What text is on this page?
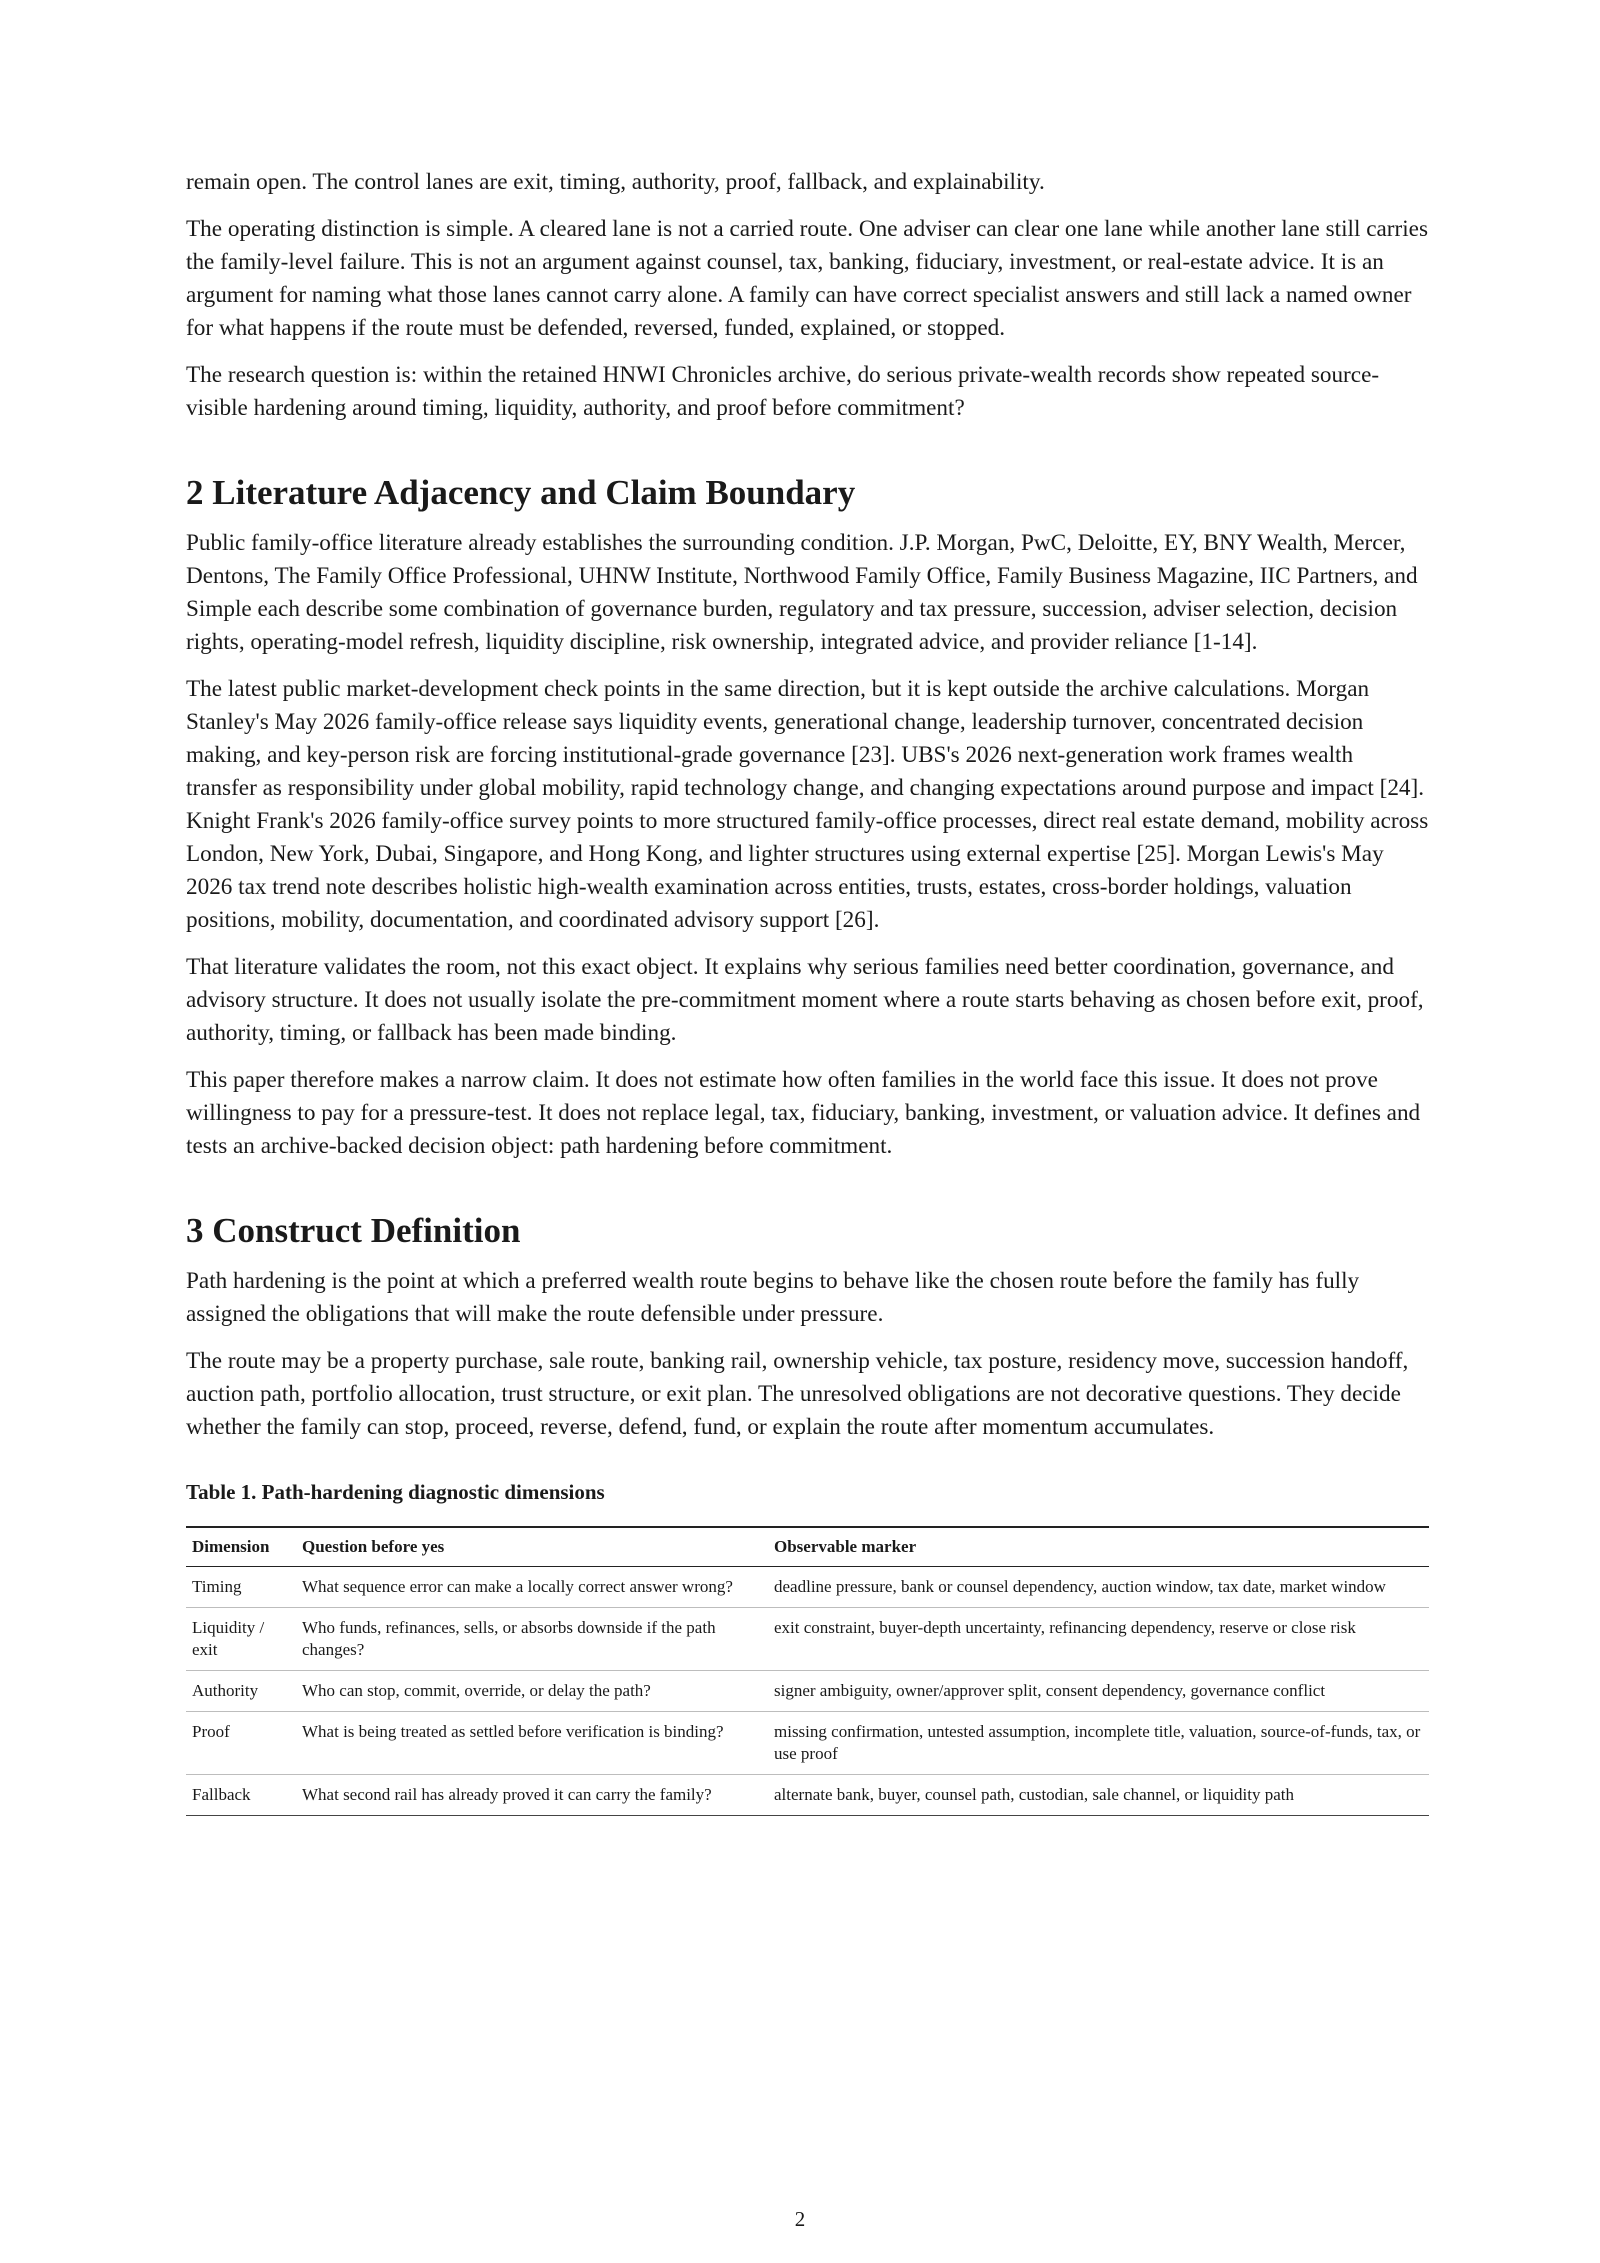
remain open. The control lanes are exit, timing, authority, proof, fallback, and explainability.

The operating distinction is simple. A cleared lane is not a carried route. One adviser can clear one lane while another lane still carries the family-level failure. This is not an argument against counsel, tax, banking, fiduciary, investment, or real-estate advice. It is an argument for naming what those lanes cannot carry alone. A family can have correct specialist answers and still lack a named owner for what happens if the route must be defended, reversed, funded, explained, or stopped.

The research question is: within the retained HNWI Chronicles archive, do serious private-wealth records show repeated source-visible hardening around timing, liquidity, authority, and proof before commitment?

2 Literature Adjacency and Claim Boundary

Public family-office literature already establishes the surrounding condition. J.P. Morgan, PwC, Deloitte, EY, BNY Wealth, Mercer, Dentons, The Family Office Professional, UHNW Institute, Northwood Family Office, Family Business Magazine, IIC Partners, and Simple each describe some combination of governance burden, regulatory and tax pressure, succession, adviser selection, decision rights, operating-model refresh, liquidity discipline, risk ownership, integrated advice, and provider reliance [1-14].

The latest public market-development check points in the same direction, but it is kept outside the archive calculations. Morgan Stanley's May 2026 family-office release says liquidity events, generational change, leadership turnover, concentrated decision making, and key-person risk are forcing institutional-grade governance [23]. UBS's 2026 next-generation work frames wealth transfer as responsibility under global mobility, rapid technology change, and changing expectations around purpose and impact [24]. Knight Frank's 2026 family-office survey points to more structured family-office processes, direct real estate demand, mobility across London, New York, Dubai, Singapore, and Hong Kong, and lighter structures using external expertise [25]. Morgan Lewis's May 2026 tax trend note describes holistic high-wealth examination across entities, trusts, estates, cross-border holdings, valuation positions, mobility, documentation, and coordinated advisory support [26].

That literature validates the room, not this exact object. It explains why serious families need better coordination, governance, and advisory structure. It does not usually isolate the pre-commitment moment where a route starts behaving as chosen before exit, proof, authority, timing, or fallback has been made binding.

This paper therefore makes a narrow claim. It does not estimate how often families in the world face this issue. It does not prove willingness to pay for a pressure-test. It does not replace legal, tax, fiduciary, banking, investment, or valuation advice. It defines and tests an archive-backed decision object: path hardening before commitment.

3 Construct Definition

Path hardening is the point at which a preferred wealth route begins to behave like the chosen route before the family has fully assigned the obligations that will make the route defensible under pressure.

The route may be a property purchase, sale route, banking rail, ownership vehicle, tax posture, residency move, succession handoff, auction path, portfolio allocation, trust structure, or exit plan. The unresolved obligations are not decorative questions. They decide whether the family can stop, proceed, reverse, defend, fund, or explain the route after momentum accumulates.

Table 1. Path-hardening diagnostic dimensions
Dimension	Question before yes	Observable marker
Timing	What sequence error can make a locally correct answer wrong?	deadline pressure, bank or counsel dependency, auction window, tax date, market window
Liquidity / exit	Who funds, refinances, sells, or absorbs downside if the path changes?	exit constraint, buyer-depth uncertainty, refinancing dependency, reserve or close risk
Authority	Who can stop, commit, override, or delay the path?	signer ambiguity, owner/approver split, consent dependency, governance conflict
Proof	What is being treated as settled before verification is binding?	missing confirmation, untested assumption, incomplete title, valuation, source-of-funds, tax, or use proof
Fallback	What second rail has already proved it can carry the family?	alternate bank, buyer, counsel path, custodian, sale channel, or liquidity path
2
